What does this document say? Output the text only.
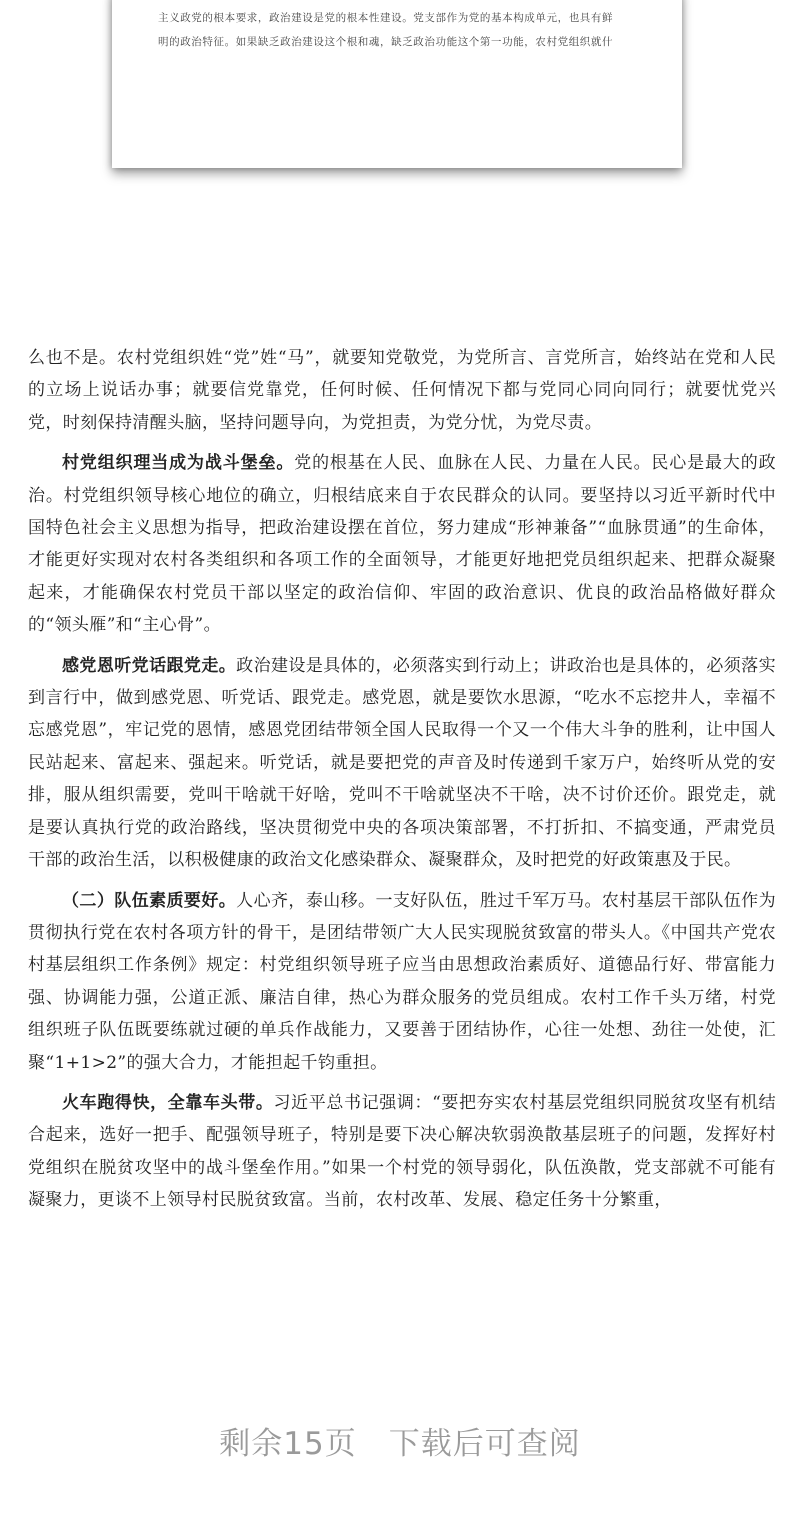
主义政党的根本要求，政治建设是党的根本性建设。党支部作为党的基本构成单元，也具有鲜
明的政治特征。如果缺乏政治建设这个根和魂，缺乏政治功能这个第一功能，农村党组织就什

么也不是。农村党组织姓“党”姓“马”，就要知党敬党，为党所言、言党所言，始终站在党和人民的立场上说话办事；就要信党靠党，任何时候、任何情况下都与党同心同向同行；就要忧党兴党，时刻保持清醒头脑，坚持问题导向，为党担责，为党分忧，为党尽责。

村党组织理当成为战斗堡垒。党的根基在人民、血脉在人民、力量在人民。民心是最大的政治。村党组织领导核心地位的确立，归根结底来自于农民群众的认同。要坚持以习近平新时代中国特色社会主义思想为指导，把政治建设摆在首位，努力建成“形神兼备”“血脉贯通”的生命体，才能更好实现对农村各类组织和各项工作的全面领导，才能更好地把党员组织起来、把群众凝聚起来，才能确保农村党员干部以坚定的政治信仰、牢固的政治意识、优良的政治品格做好群众的“领头雁”和“主心骨”。

感党恩听党话跟党走。政治建设是具体的，必须落实到行动上；讲政治也是具体的，必须落实到言行中，做到感党恩、听党话、跟党走。感党恩，就是要饮水思源，“吃水不忘挖井人，幸福不忘感党恩”，牢记党的恩情，感恩党团结带领全国人民取得一个又一个伟大斗争的胜利，让中国人民站起来、富起来、强起来。听党话，就是要把党的声音及时传递到千家万户，始终听从党的安排，服从组织需要，党叫干啥就干好啥，党叫不干啥就坚决不干啥，决不讨价还价。跟党走，就是要认真执行党的政治路线，坚决贯彻党中央的各项决策部署，不打折扣、不搞变通，严肃党员干部的政治生活，以积极健康的政治文化感染群众、凝聚群众，及时把党的好政策惠及于民。

（二）队伍素质要好。人心齐，泰山移。一支好队伍，胜过千军万马。农村基层干部队伍作为贯彻执行党在农村各项方针的骨干，是团结带领广大人民实现脱贫致富的带头人。《中国共产党农村基层组织工作条例》规定：村党组织领导班子应当由思想政治素质好、道德品行好、带富能力强、协调能力强，公道正派、廉洁自律，热心为群众服务的党员组成。农村工作千头万绪，村党组织班子队伍既要练就过硬的单兵作战能力，又要善于团结协作，心往一处想、劲往一处使，汇聚“1+1>2”的强大合力，才能担起千钧重担。

火车跑得快，全靠车头带。习近平总书记强调：“要把夯实农村基层党组织同脱贫攻坚有机结合起来，选好一把手、配强领导班子，特别是要下决心解决软弱涣散基层班子的问题，发挥好村党组织在脱贫攻坚中的战斗堡垒作用。”如果一个村党的领导弱化，队伍涣散，党支部就不可能有凝聚力，更谈不上领导村民脱贫致富。当前，农村改革、发展、稳定任务十分繁重，

剩余15页　下载后可查阅
